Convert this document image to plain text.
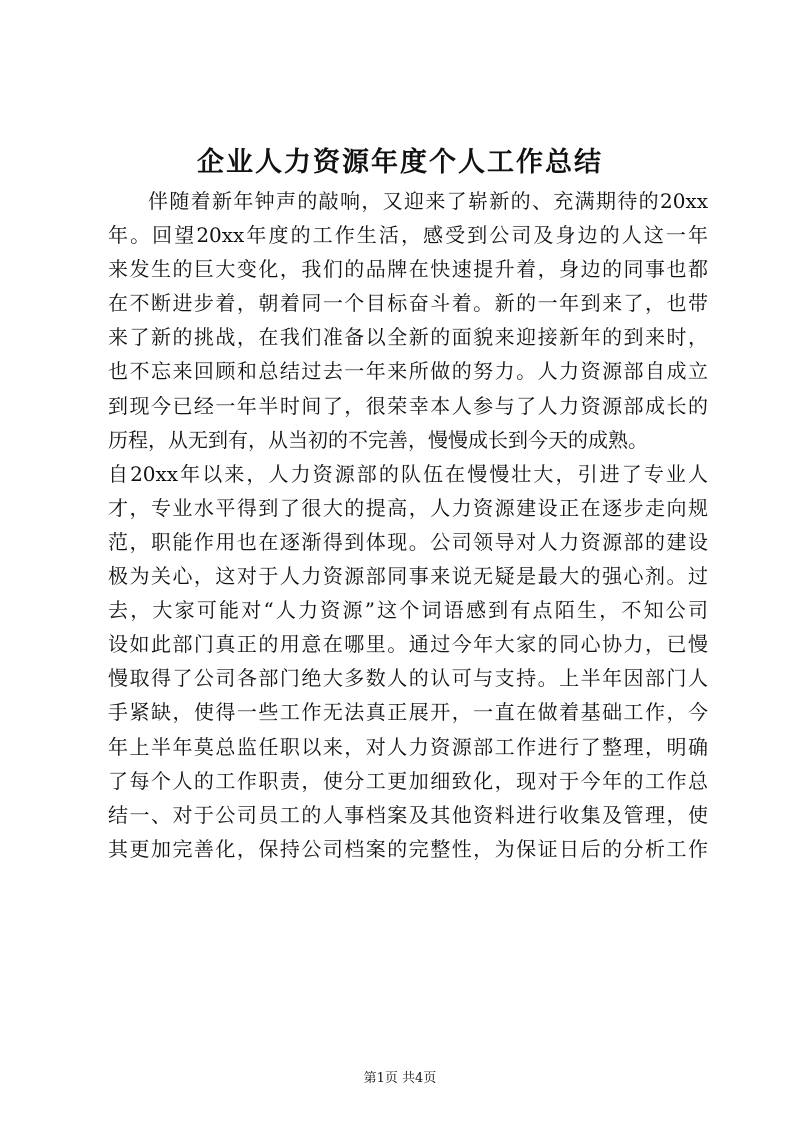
企业人力资源年度个人工作总结
伴随着新年钟声的敲响，又迎来了崭新的、充满期待的20xx
年。回望20xx年度的工作生活，感受到公司及身边的人这一年
来发生的巨大变化，我们的品牌在快速提升着，身边的同事也都
在不断进步着，朝着同一个目标奋斗着。新的一年到来了，也带
来了新的挑战，在我们准备以全新的面貌来迎接新年的到来时，
也不忘来回顾和总结过去一年来所做的努力。人力资源部自成立
到现今已经一年半时间了，很荣幸本人参与了人力资源部成长的
历程，从无到有，从当初的不完善，慢慢成长到今天的成熟。
自20xx年以来，人力资源部的队伍在慢慢壮大，引进了专业人
才，专业水平得到了很大的提高，人力资源建设正在逐步走向规
范，职能作用也在逐渐得到体现。公司领导对人力资源部的建设
极为关心，这对于人力资源部同事来说无疑是最大的强心剂。过
去，大家可能对“人力资源”这个词语感到有点陌生，不知公司
设如此部门真正的用意在哪里。通过今年大家的同心协力，已慢
慢取得了公司各部门绝大多数人的认可与支持。上半年因部门人
手紧缺，使得一些工作无法真正展开，一直在做着基础工作，今
年上半年莫总监任职以来，对人力资源部工作进行了整理，明确
了每个人的工作职责，使分工更加细致化，现对于今年的工作总
结一、对于公司员工的人事档案及其他资料进行收集及管理，使
其更加完善化，保持公司档案的完整性，为保证日后的分析工作
第1页 共4页
